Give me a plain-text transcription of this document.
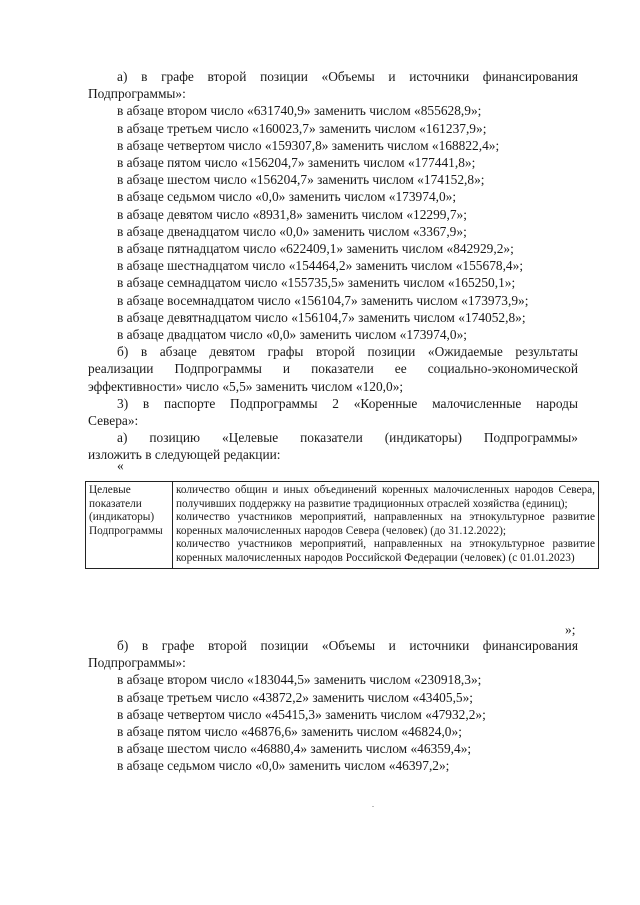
а) в графе второй позиции «Объемы и источники финансирования

Подпрограммы»:

в абзаце втором число «631740,9» заменить числом «855628,9»;

в абзаце третьем число «160023,7» заменить числом «161237,9»;

в абзаце четвертом число «159307,8» заменить числом «168822,4»;

в абзаце пятом число «156204,7» заменить числом «177441,8»;

в абзаце шестом число «156204,7» заменить числом «174152,8»;

в абзаце седьмом число «0,0» заменить числом «173974,0»;

в абзаце девятом число «8931,8» заменить числом «12299,7»;

в абзаце двенадцатом число «0,0» заменить числом «3367,9»;

в абзаце пятнадцатом число «622409,1» заменить числом «842929,2»;

в абзаце шестнадцатом число «154464,2» заменить числом «155678,4»;

в абзаце семнадцатом число «155735,5» заменить числом «165250,1»;

в абзаце восемнадцатом число «156104,7» заменить числом «173973,9»;

в абзаце девятнадцатом число «156104,7» заменить числом «174052,8»;

в абзаце двадцатом число «0,0» заменить числом «173974,0»;

б) в абзаце девятом графы второй позиции «Ожидаемые результаты

реализации Подпрограммы и показатели ее социально-экономической

эффективности» число «5,5» заменить числом «120,0»;

3) в паспорте Подпрограммы 2 «Коренные малочисленные народы

Севера»:

а) позицию «Целевые показатели (индикаторы) Подпрограммы»

изложить в следующей редакции:

«
Целевые
показатели
(индикаторы)
Подпрограммы

количество общин и иных объединений коренных малочисленных народов Севера, получивших поддержку на развитие традиционных отраслей хозяйства (единиц);
количество участников мероприятий, направленных на этнокультурное развитие коренных малочисленных народов Севера (человек) (до 31.12.2022);
количество участников мероприятий, направленных на этнокультурное развитие коренных малочисленных народов Российской Федерации (человек) (с 01.01.2023)
»;

б) в графе второй позиции «Объемы и источники финансирования

Подпрограммы»:

в абзаце втором число «183044,5» заменить числом «230918,3»;

в абзаце третьем число «43872,2» заменить числом «43405,5»;

в абзаце четвертом число «45415,3» заменить числом «47932,2»;

в абзаце пятом число «46876,6» заменить числом «46824,0»;

в абзаце шестом число «46880,4» заменить числом «46359,4»;

в абзаце седьмом число «0,0» заменить числом «46397,2»;
